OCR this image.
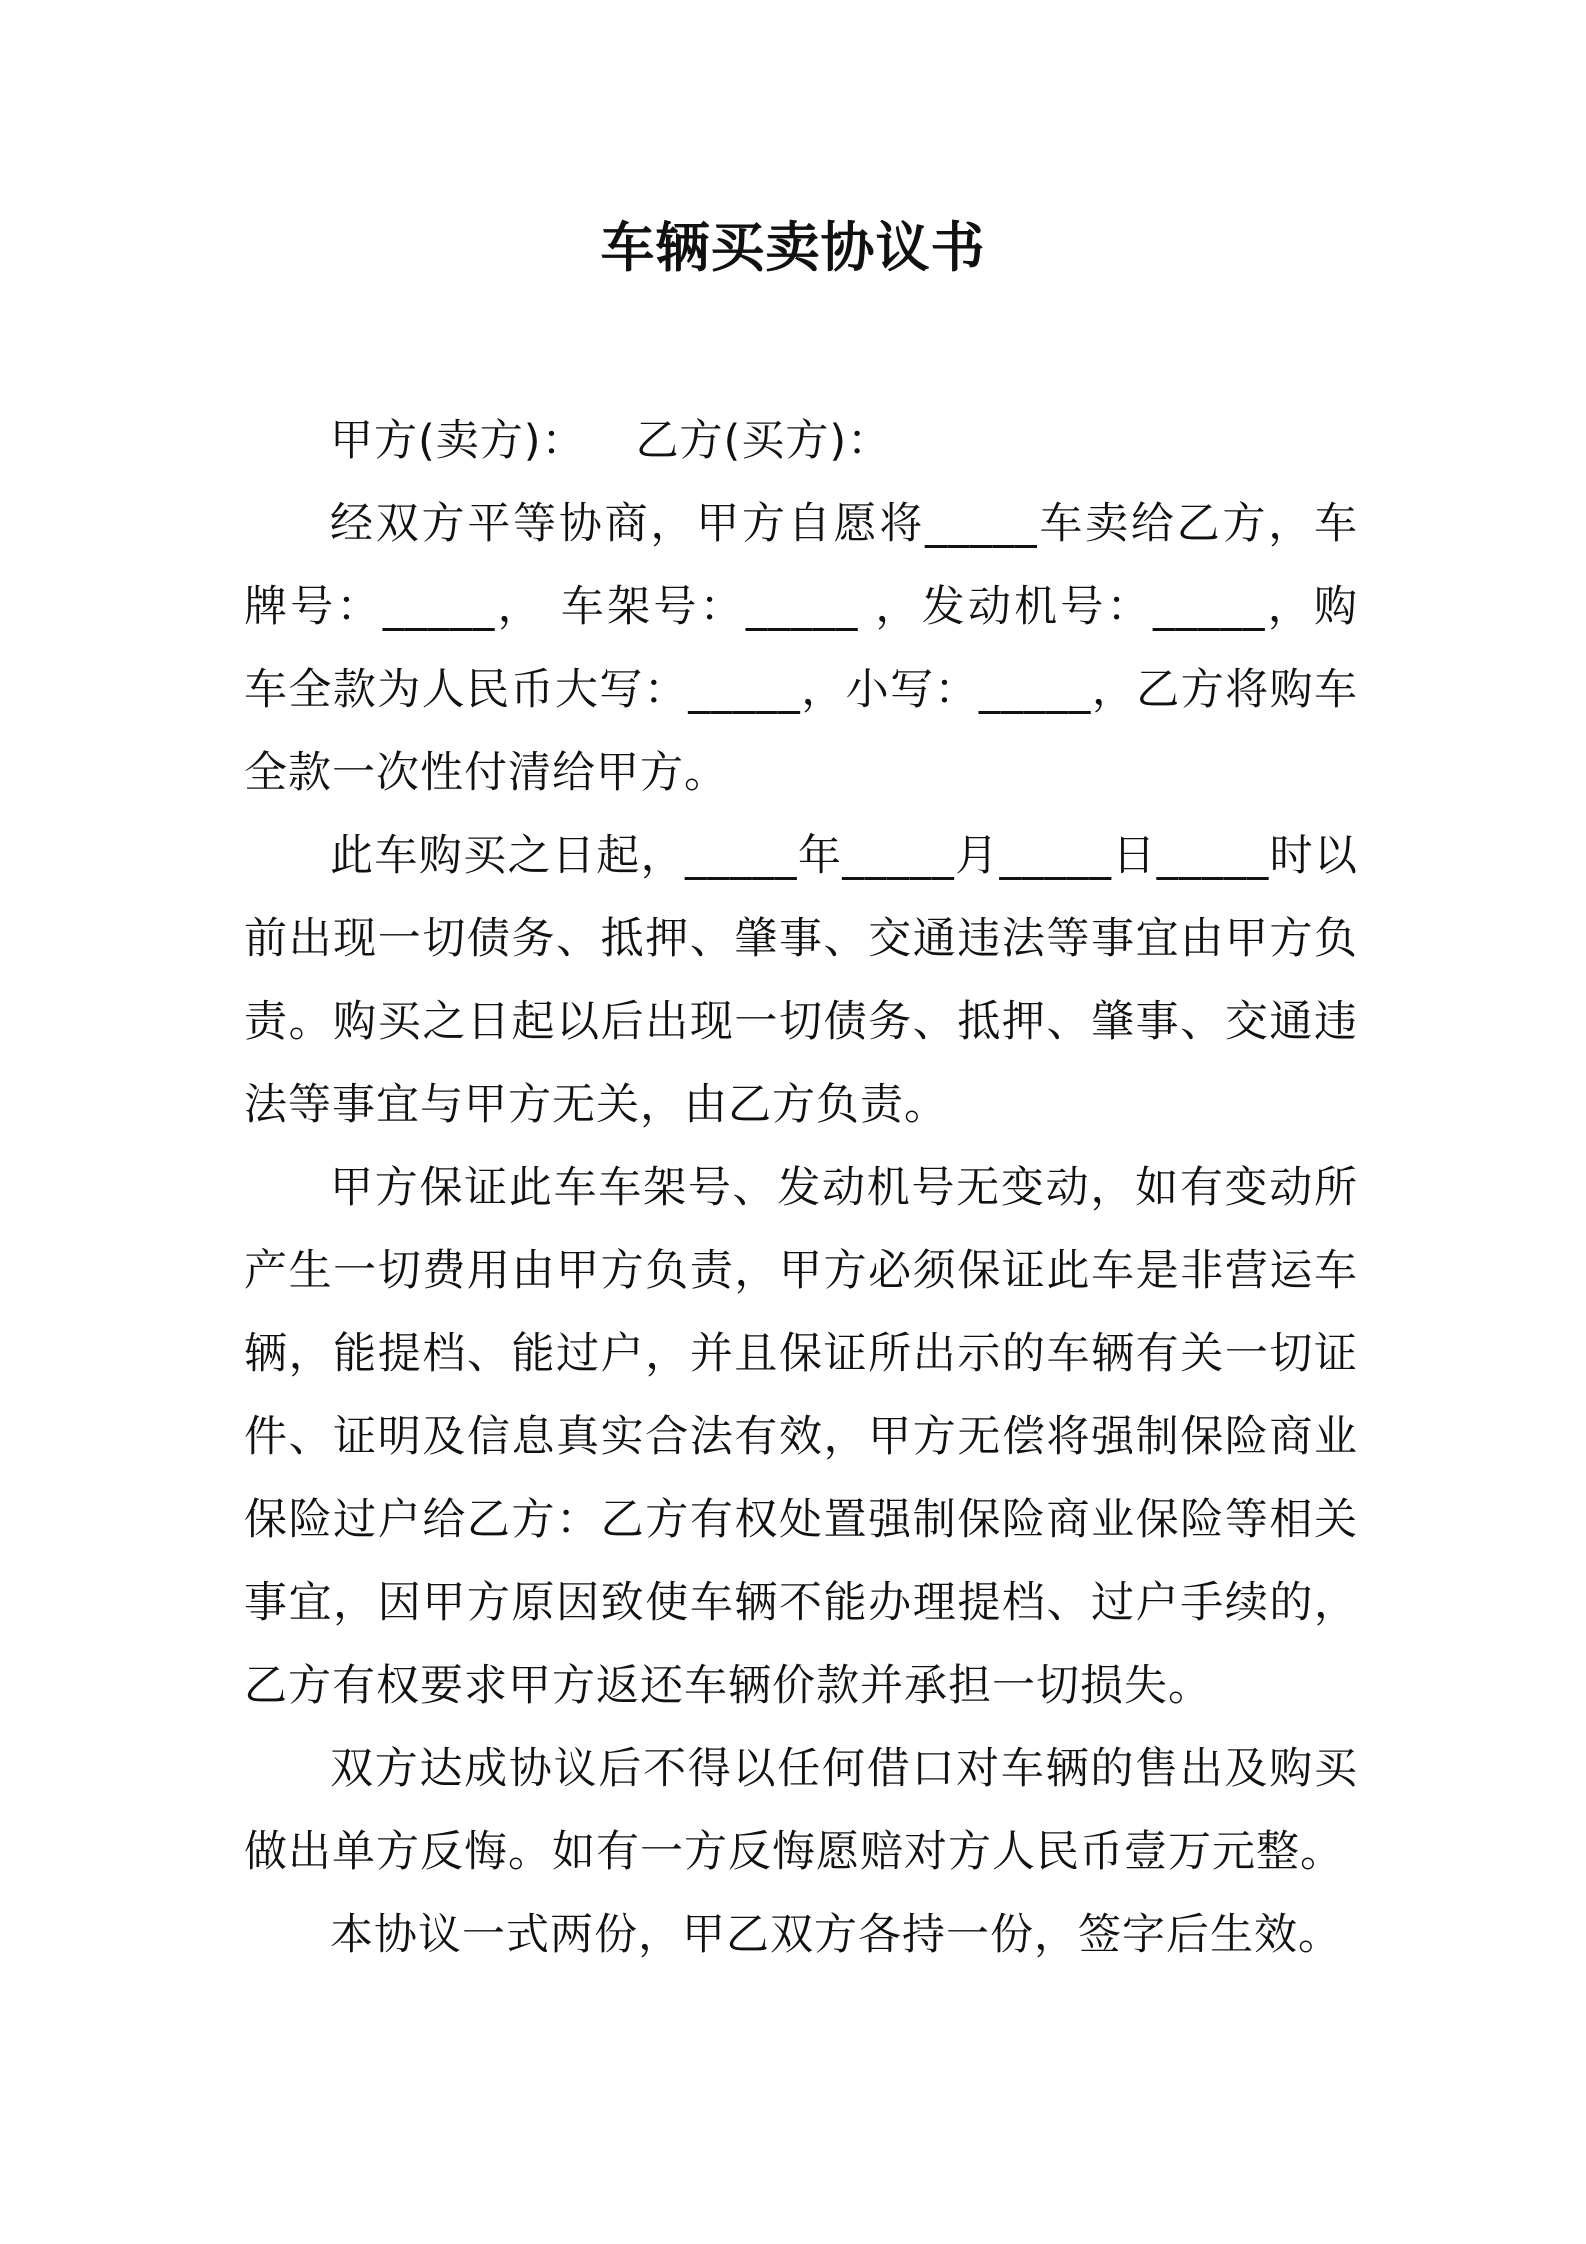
车辆买卖协议书

甲方(卖方)： 乙方(买方)：

经双方平等协商，甲方自愿将_____车卖给乙方，车牌号：_____， 车架号：_____ ，发动机号：_____，购车全款为人民币大写：_____，小写：_____，乙方将购车全款一次性付清给甲方。

此车购买之日起，_____年_____月_____日_____时以前出现一切债务、抵押、肇事、交通违法等事宜由甲方负责。购买之日起以后出现一切债务、抵押、肇事、交通违法等事宜与甲方无关，由乙方负责。

甲方保证此车车架号、发动机号无变动，如有变动所产生一切费用由甲方负责，甲方必须保证此车是非营运车辆，能提档、能过户，并且保证所出示的车辆有关一切证件、证明及信息真实合法有效，甲方无偿将强制保险商业保险过户给乙方：乙方有权处置强制保险商业保险等相关事宜，因甲方原因致使车辆不能办理提档、过户手续的，乙方有权要求甲方返还车辆价款并承担一切损失。

双方达成协议后不得以任何借口对车辆的售出及购买做出单方反悔。如有一方反悔愿赔对方人民币壹万元整。

本协议一式两份，甲乙双方各持一份，签字后生效。
